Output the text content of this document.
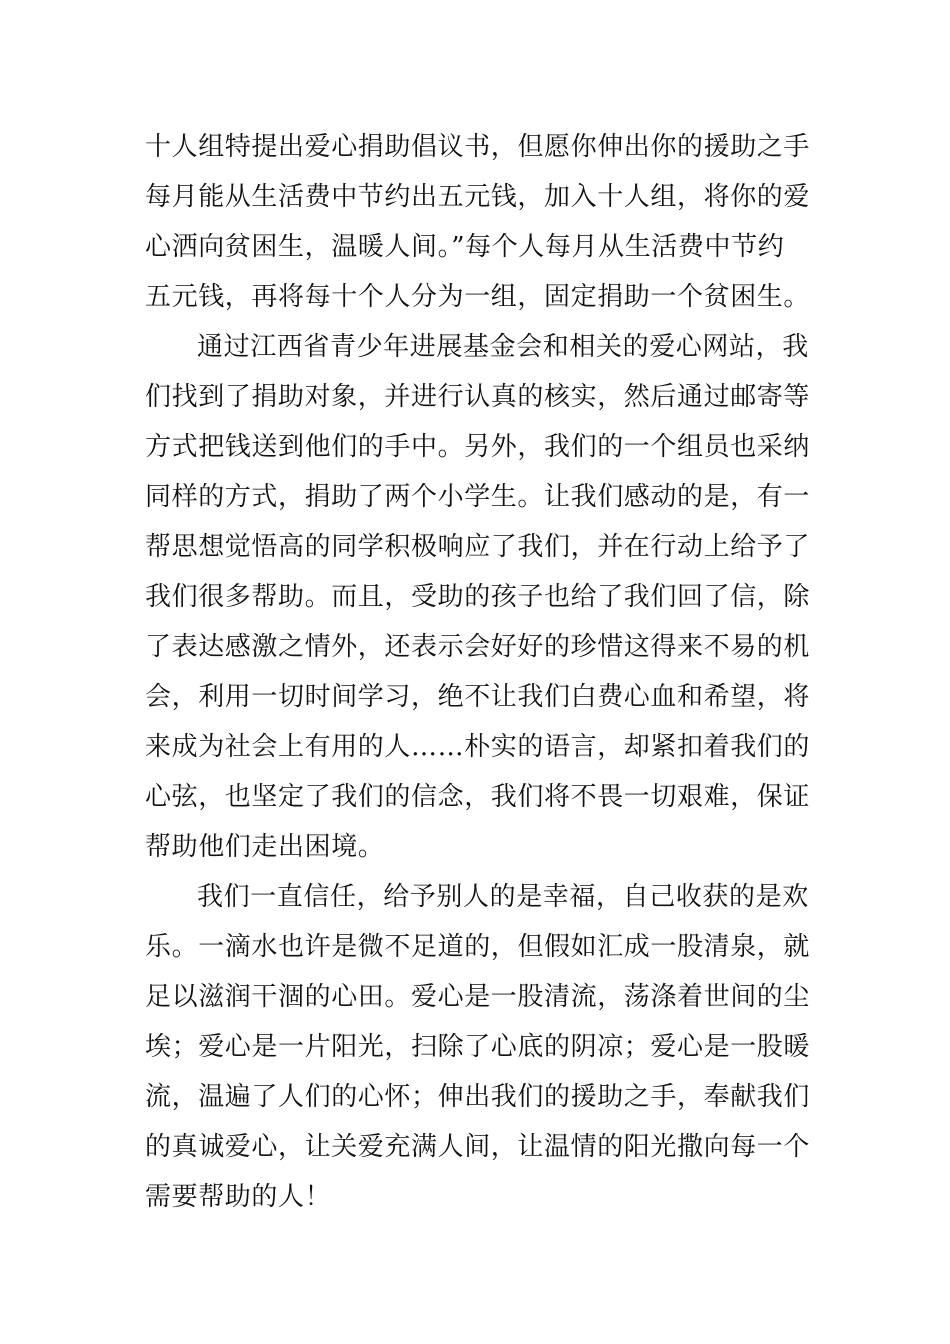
十人组特提出爱心捐助倡议书，但愿你伸出你的援助之手
每月能从生活费中节约出五元钱，加入十人组，将你的爱
心洒向贫困生，温暖人间。”每个人每月从生活费中节约
五元钱，再将每十个人分为一组，固定捐助一个贫困生。
通过江西省青少年进展基金会和相关的爱心网站，我
们找到了捐助对象，并进行认真的核实，然后通过邮寄等
方式把钱送到他们的手中。另外，我们的一个组员也采纳
同样的方式，捐助了两个小学生。让我们感动的是，有一
帮思想觉悟高的同学积极响应了我们，并在行动上给予了
我们很多帮助。而且，受助的孩子也给了我们回了信，除
了表达感激之情外，还表示会好好的珍惜这得来不易的机
会，利用一切时间学习，绝不让我们白费心血和希望，将
来成为社会上有用的人……朴实的语言，却紧扣着我们的
心弦，也坚定了我们的信念，我们将不畏一切艰难，保证
帮助他们走出困境。
我们一直信任，给予别人的是幸福，自己收获的是欢
乐。一滴水也许是微不足道的，但假如汇成一股清泉，就
足以滋润干涸的心田。爱心是一股清流，荡涤着世间的尘
埃；爱心是一片阳光，扫除了心底的阴凉；爱心是一股暖
流，温遍了人们的心怀；伸出我们的援助之手，奉献我们
的真诚爱心，让关爱充满人间，让温情的阳光撒向每一个
需要帮助的人！
